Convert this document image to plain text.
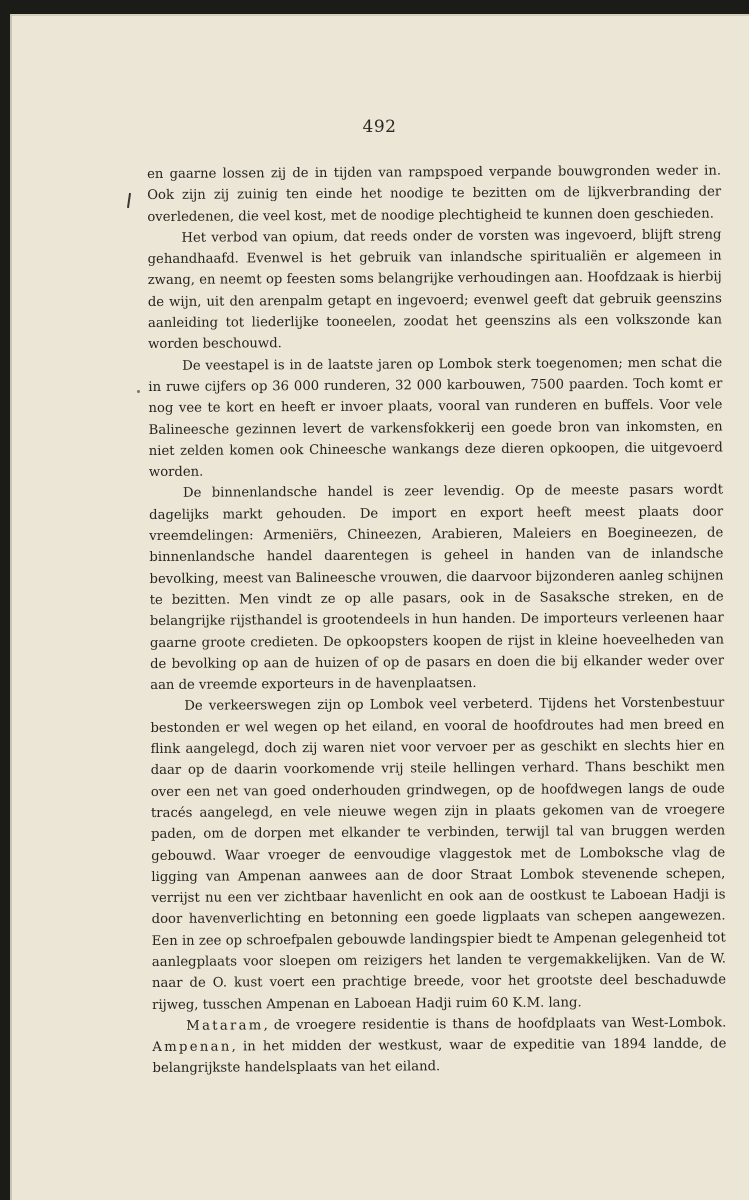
492

en gaarne lossen zij de in tijden van rampspoed verpande bouwgronden weder in. Ook zijn zij zuinig ten einde het noodige te bezitten om de lijkverbranding der overledenen, die veel kost, met de noodige plechtigheid te kunnen doen geschieden.

Het verbod van opium, dat reeds onder de vorsten was ingevoerd, blijft streng gehandhaafd. Evenwel is het gebruik van inlandsche spiritualiën er algemeen in zwang, en neemt op feesten soms belangrijke verhoudingen aan. Hoofdzaak is hierbij de wijn, uit den arenpalm getapt en ingevoerd; evenwel geeft dat gebruik geenszins aanleiding tot liederlijke tooneelen, zoodat het geenszins als een volkszonde kan worden beschouwd.

De veestapel is in de laatste jaren op Lombok sterk toegenomen; men schat die in ruwe cijfers op 36 000 runderen, 32 000 karbouwen, 7500 paarden. Toch komt er nog vee te kort en heeft er invoer plaats, vooral van runderen en buffels. Voor vele Balineesche gezinnen levert de varkensfokkerij een goede bron van inkomsten, en niet zelden komen ook Chineesche wankangs deze dieren opkoopen, die uitgevoerd worden.

De binnenlandsche handel is zeer levendig. Op de meeste pasars wordt dagelijks markt gehouden. De import en export heeft meest plaats door vreemdelingen: Armeniërs, Chineezen, Arabieren, Maleiers en Boegineezen, de binnenlandsche handel daarentegen is geheel in handen van de inlandsche bevolking, meest van Balineesche vrouwen, die daarvoor bijzonderen aanleg schijnen te bezitten. Men vindt ze op alle pasars, ook in de Sasaksche streken, en de belangrijke rijsthandel is grootendeels in hun handen. De importeurs verleenen haar gaarne groote credieten. De opkoopsters koopen de rijst in kleine hoeveelheden van de bevolking op aan de huizen of op de pasars en doen die bij elkander weder over aan de vreemde exporteurs in de havenplaatsen.

De verkeerswegen zijn op Lombok veel verbeterd. Tijdens het Vorstenbestuur bestonden er wel wegen op het eiland, en vooral de hoofdroutes had men breed en flink aangelegd, doch zij waren niet voor vervoer per as geschikt en slechts hier en daar op de daarin voorkomende vrij steile hellingen verhard. Thans beschikt men over een net van goed onderhouden grindwegen, op de hoofdwegen langs de oude tracés aangelegd, en vele nieuwe wegen zijn in plaats gekomen van de vroegere paden, om de dorpen met elkander te verbinden, terwijl tal van bruggen werden gebouwd. Waar vroeger de eenvoudige vlaggestok met de Lomboksche vlag de ligging van Ampenan aanwees aan de door Straat Lombok stevenende schepen, verrijst nu een ver zichtbaar havenlicht en ook aan de oostkust te Laboean Hadji is door havenverlichting en betonning een goede ligplaats van schepen aangewezen. Een in zee op schroefpalen gebouwde landingspier biedt te Ampenan gelegenheid tot aanlegplaats voor sloepen om reizigers het landen te vergemakkelijken. Van de W. naar de O. kust voert een prachtige breede, voor het grootste deel beschaduwde rijweg, tusschen Ampenan en Laboean Hadji ruim 60 K.M. lang.

Mataram, de vroegere residentie is thans de hoofdplaats van West-Lombok. Ampenan, in het midden der westkust, waar de expeditie van 1894 landde, de belangrijkste handelsplaats van het eiland.
